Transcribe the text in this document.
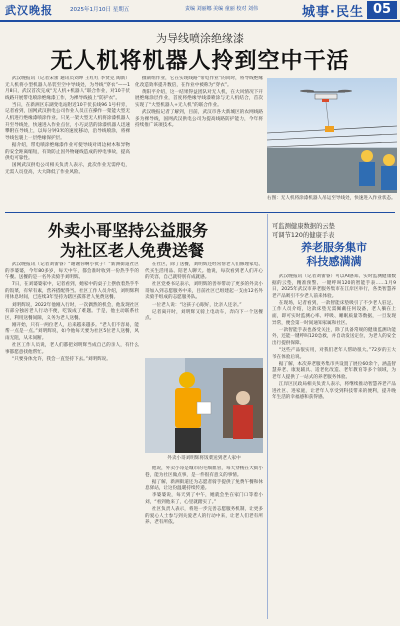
武汉晚报	2025年1月10日 星期五	责编 刘丽娜 美编 童丽 校对 刘伟	城事·民生 05
为导线喷涂绝缘漆
无人机将机器人拎到空中干活

武汉晚报讯（记者宋蕾 通讯员刘坤 王红红 李贤克 陶新）无人机将小型机器人吊装至空中导线处，为导线“穿衣”——1月8日，武汉首次完成“无人机+机器人”联合作业，对10千伏线路开展带电喷涂绝缘漆工作，为裸导线披上“防护衣”。

当日，在新洲区东湖变电站附近10千伏长线96 1号杆旁，记者看到，国网武汉供电公司作业人员正在操作一架能大型无人机进行绝缘漆喷涂作业。只见一架大型无人机将涂漆机器人升至导线处，快速进入作业点位，小巧灵活的涂漆机器人迅速攀附在导线上，以每分钟3米的速度移动，沿导线喷涂，将裸导线包裹上一层绝缘保护层。

据介绍，带电喷涂绝缘漆作业可使导线对周边树木和异物的安全距离缩短，有效防止因外物碰线造成的停电事故，提高供电可靠性。

国网武汉供电公司相关负责人表示，此次作业无需停电，无需人员登高，大大降低了作业风险。

摄制组作业，它在实现线路“带电作业”的同时，将导线绝缘化改造效率提升数倍，在作业中被称为“穿衣”。

黄阳平介绍，这一结果得益团队对无人机，在大风情况下开展绝缘涂层作业，首度将绝缘导线漆喷涂与无人机结合，首次实现了“大型机器人+无人机”的联合作业。

武汉晚报记者了解到，目前，武汉市各大新城区的农网线路多为裸导线，国网武汉供电公司为提高线路防护能力，今年将持续推广该项技术。

右图：无人机将涂漆机器人吊运至导线处，快速进入作业状态。
外卖小哥坚持公益服务
为社区老人免费送餐

武汉晚报讯（记者刘蕾睿）“谢谢你啊小伙子！”新洲街道社区的李婆婆，今年80多岁，每天中午，都会准时收到一份热乎乎的午餐。送餐的是一名外卖骑手刘明辉。

7日，在刘婆婆家中，记者看到，她家中的桌子上摆放着热乎乎的饭菜，有荤有素，营养搭配得当。社区工作人员介绍，刘明辉利用休息时间，已连续3年坚持为辖区孤寡老人免费送餐。

刘明辉说，2022年他刚入行时，一次偶然的机会，他发现社区有部分独居老人行动不便，吃饭成了难题。于是，他主动联系社区，利用送餐间隙，义务为老人送餐。

刚开始，只有一两位老人，后来越来越多。“老人们不容易，能帮一点是一点。”刘明辉说，如今他每天要为社区5位老人送餐，风雨无阻，从未间断。

社区工作人员说，老人们都把刘明辉当成自己的亲人，有什么事都愿意找他帮忙。

“只要身体允许，我会一直坚持下去。”刘明辉说。

在社区，除了送餐，刘明辉还经常帮老人们修理家电、代买生活用品、陪老人聊天。他说，每次看到老人们开心的笑容，自己就特别有成就感。

社区党委书记表示，刘明辉的善举带动了更多的外卖小哥加入到志愿服务中来，目前社区已组建起一支由12名外卖骑手组成的志愿服务队。

一位老人说：“这孩子心眼好，比亲人还亲。”

记者离开时，刘明辉又骑上电动车，奔向下一个送餐点。

外卖小哥刘明辉将饭菜送到老人家中

他说，外卖小哥是城市的毛细血管，每天穿梭在大街小巷，能为社区做点事，是一件很有意义的事情。

据了解，新洲街道还为志愿者骑手提供了免费午餐和休息驿站，让这份温暖持续传递。

李婆婆说，每天到了中午，她就会坐在家门口等着小刘，“看到他来了，心里就踏实了。”

社区负责人表示，将进一步完善志愿服务机制，让更多的爱心人士参与到关爱老人的行动中来，让老人们老有所养、老有所依。

可监测健康数据的云垫
可调节120的健康手表
养老服务集市
科技感满满

武汉晚报讯（记者刘蕾睿）可以AI感知、实时监测健康数据的云垫，精准预警、一键呼叫120的智能手表……1月9日，2025年武汉市养老服务集市在江岸区举行，各类智慧养老产品吸引不少老人前来体验。

在现场，记者看到，一款智能床垫吸引了不少老人驻足。工作人员介绍，这款床垫无需佩戴任何设备，老人躺在上面，即可实时监测心率、呼吸、睡眠质量等数据，一旦发现异常，便会第一时间通知家属和社区。

一款智能手表也备受关注，除了具备常规的健康监测功能外，还能一键呼叫120急救，并自动发送定位，为老人的安全出行提供保障。

“这些产品很实用，对我们老年人帮助很大。”72岁的王大爷在体验后说。

据了解，本次养老服务集市共设置了展位60余个，涵盖智慧养老、康复辅具、适老化改造、老年教育等多个领域，为老年人提供了一站式的养老服务体验。

江岸区民政局相关负责人表示，将继续推动智慧养老产品进社区、进家庭，让老年人享受到科技带来的便利，提升晚年生活的幸福感和获得感。
